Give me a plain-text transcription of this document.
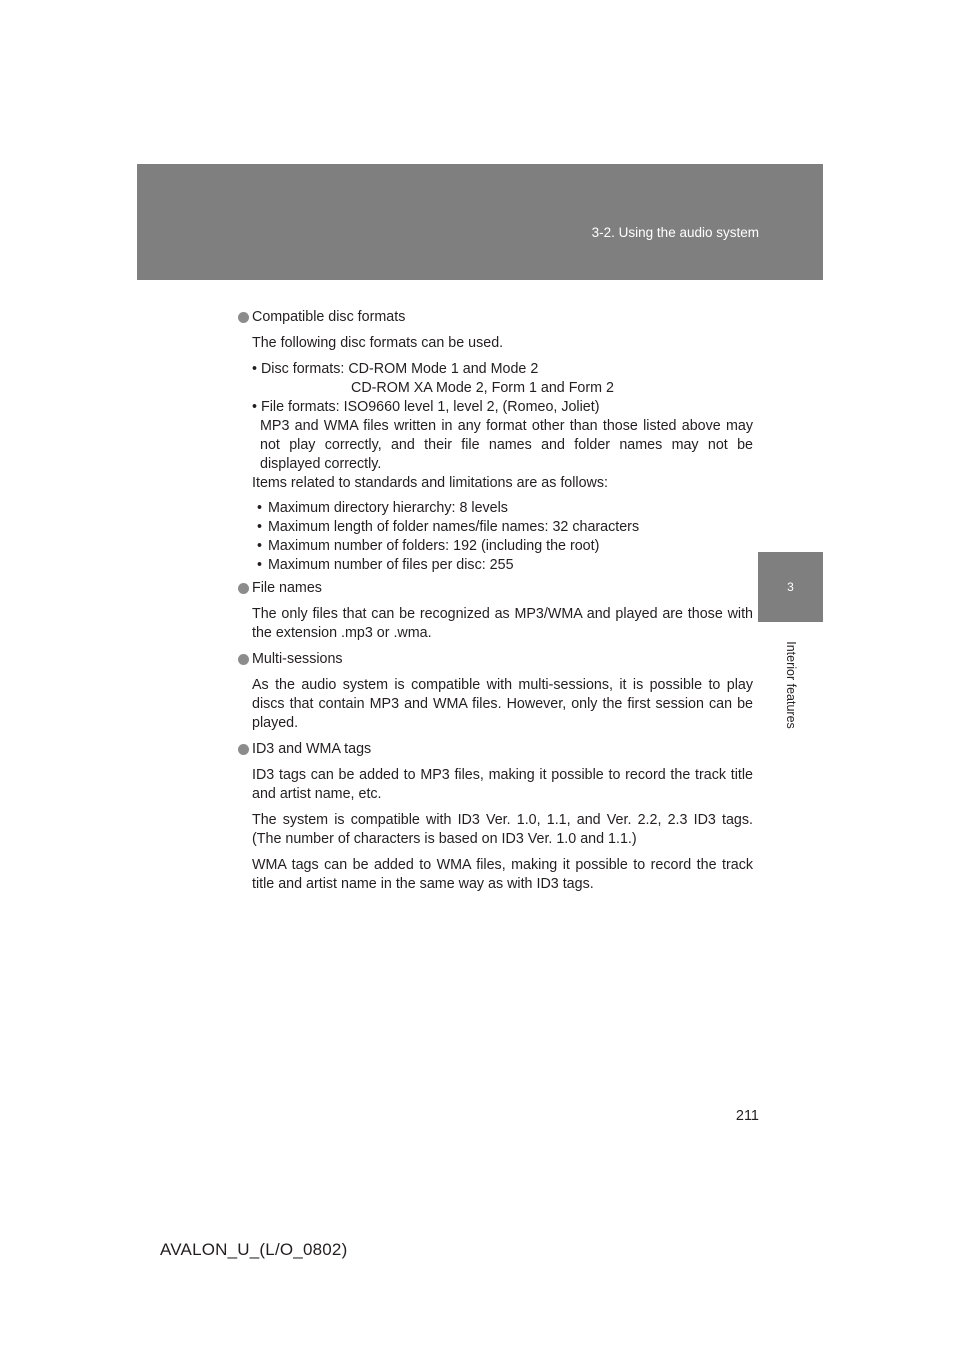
3-2. Using the audio system
3
Interior features
Compatible disc formats
The following disc formats can be used.
• Disc formats: CD-ROM Mode 1 and Mode 2
CD-ROM XA Mode 2, Form 1 and Form 2
• File formats: ISO9660 level 1, level 2, (Romeo, Joliet)
MP3 and WMA files written in any format other than those listed above may not play correctly, and their file names and folder names may not be displayed correctly.
Items related to standards and limitations are as follows:
• Maximum directory hierarchy: 8 levels
• Maximum length of folder names/file names: 32 characters
• Maximum number of folders: 192 (including the root)
• Maximum number of files per disc: 255
File names
The only files that can be recognized as MP3/WMA and played are those with the extension .mp3 or .wma.
Multi-sessions
As the audio system is compatible with multi-sessions, it is possible to play discs that contain MP3 and WMA files. However, only the first session can be played.
ID3 and WMA tags
ID3 tags can be added to MP3 files, making it possible to record the track title and artist name, etc.
The system is compatible with ID3 Ver. 1.0, 1.1, and Ver. 2.2, 2.3 ID3 tags. (The number of characters is based on ID3 Ver. 1.0 and 1.1.)
WMA tags can be added to WMA files, making it possible to record the track title and artist name in the same way as with ID3 tags.
211
AVALON_U_(L/O_0802)
